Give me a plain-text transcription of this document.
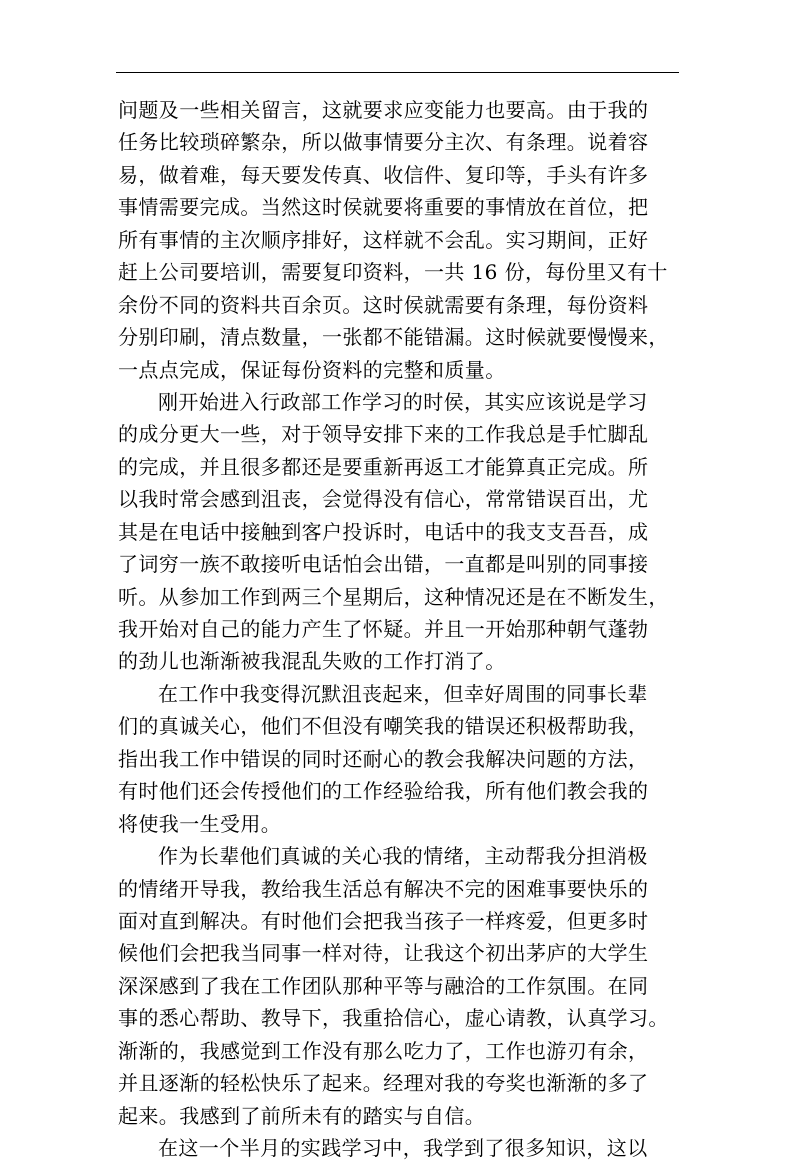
问题及一些相关留言，这就要求应变能力也要高。由于我的
任务比较琐碎繁杂，所以做事情要分主次、有条理。说着容
易，做着难，每天要发传真、收信件、复印等，手头有许多
事情需要完成。当然这时侯就要将重要的事情放在首位，把
所有事情的主次顺序排好，这样就不会乱。实习期间，正好
赶上公司要培训，需要复印资料，一共 16 份，每份里又有十
余份不同的资料共百余页。这时侯就需要有条理，每份资料
分别印刷，清点数量，一张都不能错漏。这时候就要慢慢来，
一点点完成，保证每份资料的完整和质量。
刚开始进入行政部工作学习的时侯，其实应该说是学习
的成分更大一些，对于领导安排下来的工作我总是手忙脚乱
的完成，并且很多都还是要重新再返工才能算真正完成。所
以我时常会感到沮丧，会觉得没有信心，常常错误百出，尤
其是在电话中接触到客户投诉时，电话中的我支支吾吾，成
了词穷一族不敢接听电话怕会出错，一直都是叫别的同事接
听。从参加工作到两三个星期后，这种情况还是在不断发生，
我开始对自己的能力产生了怀疑。并且一开始那种朝气蓬勃
的劲儿也渐渐被我混乱失败的工作打消了。
在工作中我变得沉默沮丧起来，但幸好周围的同事长辈
们的真诚关心，他们不但没有嘲笑我的错误还积极帮助我，
指出我工作中错误的同时还耐心的教会我解决问题的方法，
有时他们还会传授他们的工作经验给我，所有他们教会我的
将使我一生受用。
作为长辈他们真诚的关心我的情绪，主动帮我分担消极
的情绪开导我，教给我生活总有解决不完的困难事要快乐的
面对直到解决。有时他们会把我当孩子一样疼爱，但更多时
候他们会把我当同事一样对待，让我这个初出茅庐的大学生
深深感到了我在工作团队那种平等与融洽的工作氛围。在同
事的悉心帮助、教导下，我重拾信心，虚心请教，认真学习。
渐渐的，我感觉到工作没有那么吃力了，工作也游刃有余，
并且逐渐的轻松快乐了起来。经理对我的夸奖也渐渐的多了
起来。我感到了前所未有的踏实与自信。
在这一个半月的实践学习中，我学到了很多知识，这以
